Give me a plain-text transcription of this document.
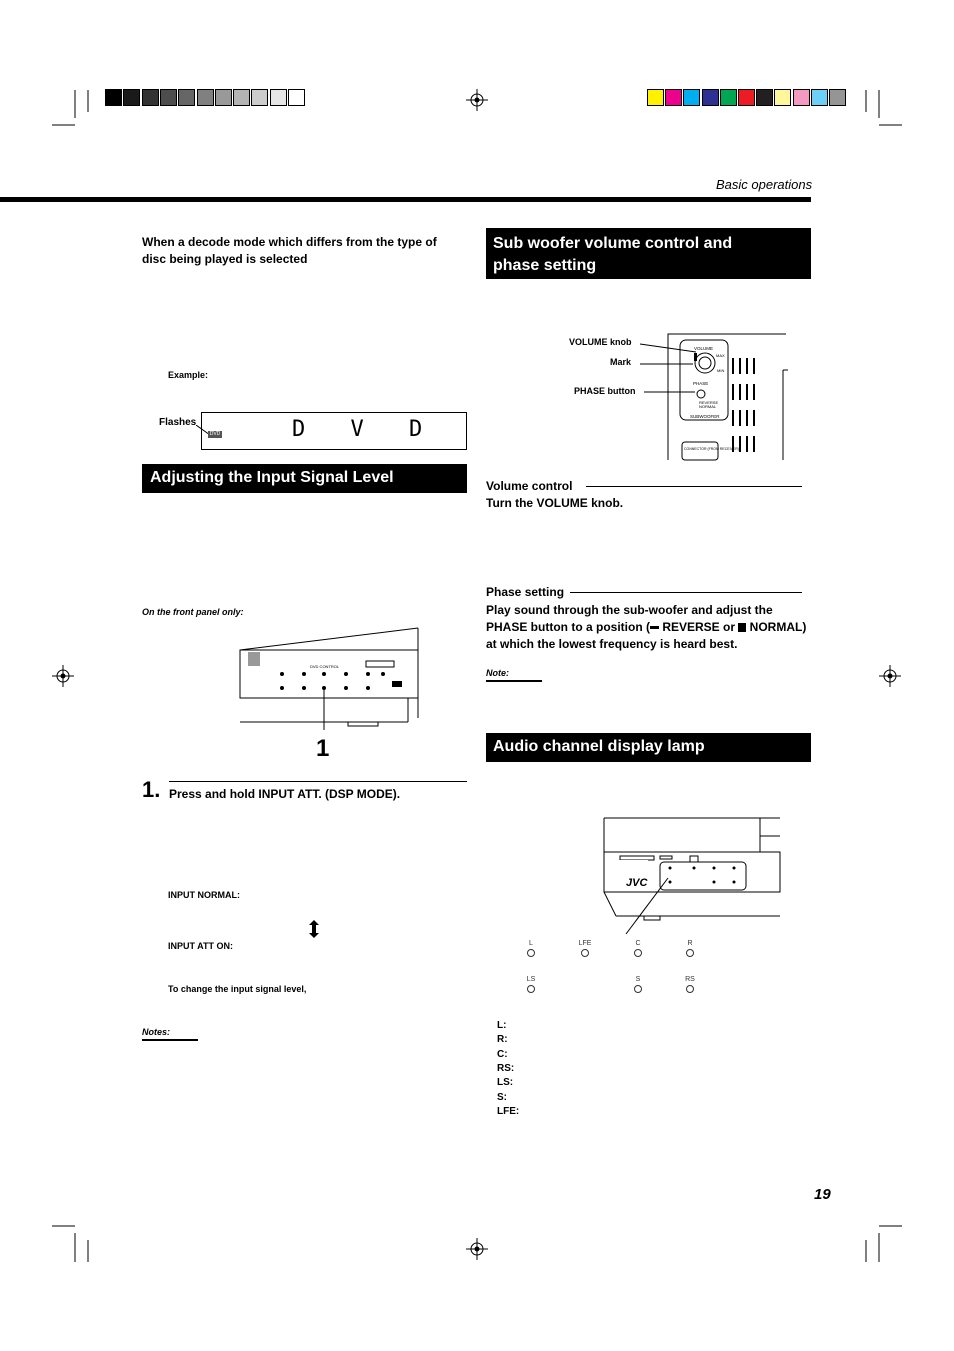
Basic operations
When a decode mode which differs from the type of disc being played is selected
Example:
Flashes
DVD	D V D
Adjusting the Input Signal Level
On the front panel only:
DVD CONTROL
1
1. Press and hold INPUT ATT. (DSP MODE).
INPUT NORMAL:
INPUT ATT ON:
To change the input signal level,
Notes:
Sub woofer volume control and
phase setting
VOLUME knob
Mark
PHASE button
VOLUME
MAX
MIN
PHASE
REVERSE
NORMAL
SUBWOOFER
CONNECTOR (FROM RECEIVER)
Volume control
Turn the VOLUME knob.
Phase setting
Play sound through the sub-woofer and adjust the
PHASE button to a position ( REVERSE or  NORMAL)
at which the lowest frequency is heard best.
Note:
Audio channel display lamp
JVC
L	LFE	C	R
LS	S	RS
L:
R:
C:
RS:
LS:
S:
LFE:
19
